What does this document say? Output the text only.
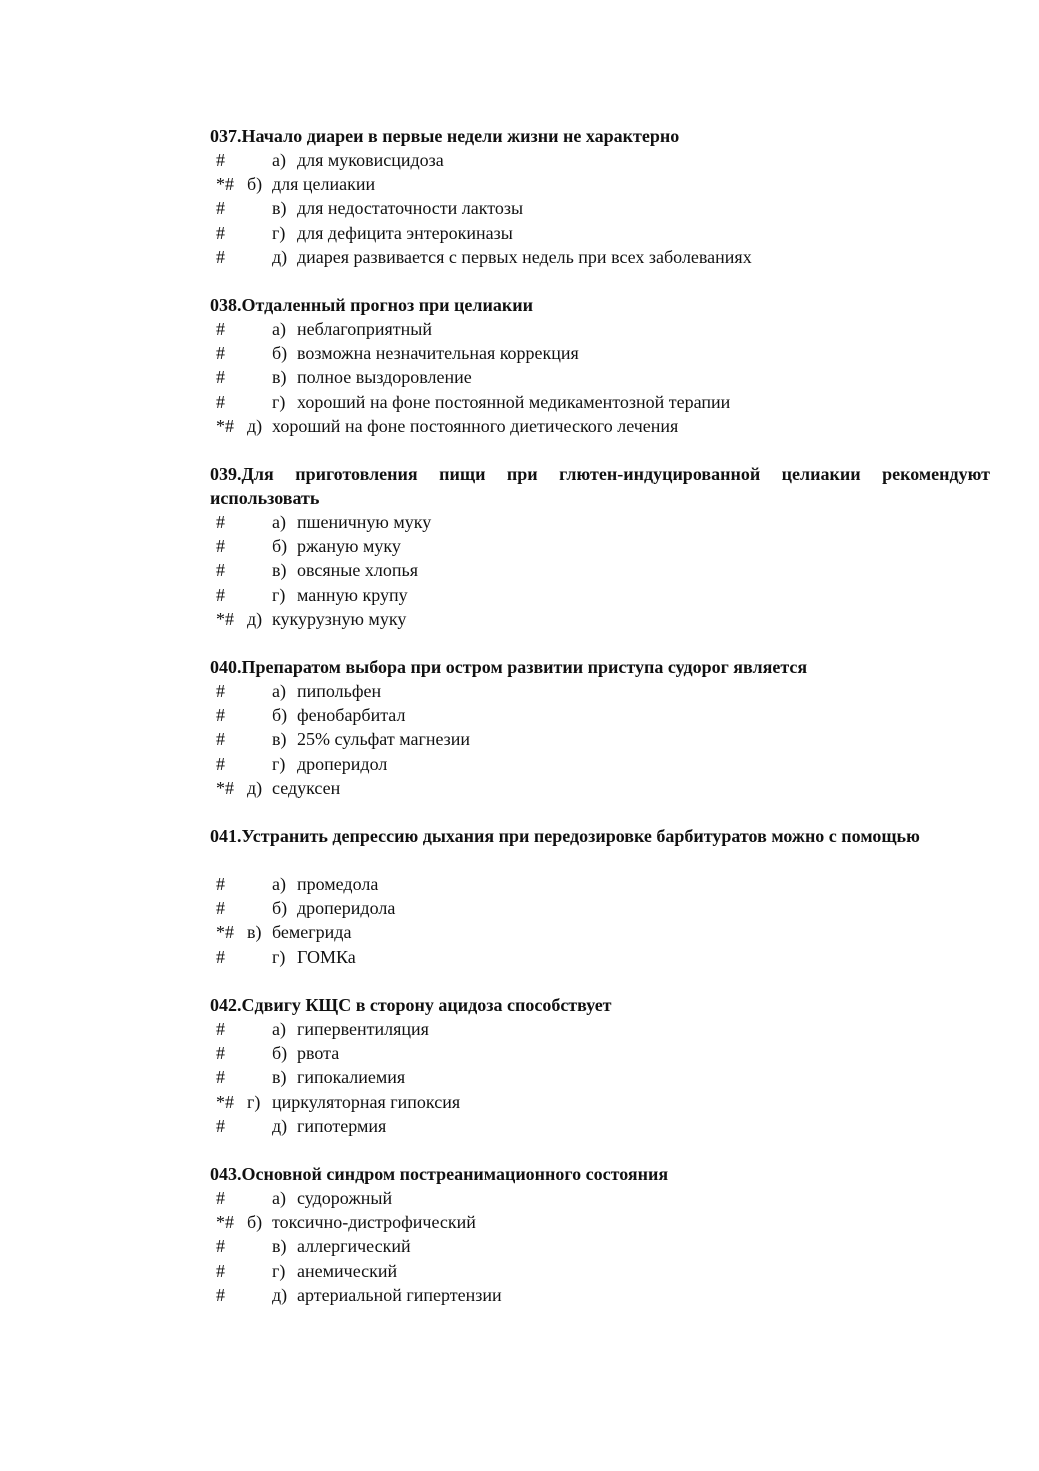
037.Начало диареи в первые недели жизни не характерно
#	а) для муковисцидоза
*# б) для целиакии
#	в) для недостаточности лактозы
#	г) для дефицита энтерокиназы
#	д) диарея развивается с первых недель при всех заболеваниях
038.Отдаленный прогноз при целиакии
#	а) неблагоприятный
#	б) возможна незначительная коррекция
#	в) полное выздоровление
#	г) хороший на фоне постоянной медикаментозной терапии
*# д) хороший на фоне постоянного диетического лечения
039.Для приготовления пищи при глютен-индуцированной целиакии рекомендуют использовать
#	а) пшеничную муку
#	б) ржаную муку
#	в) овсяные хлопья
#	г) манную крупу
*# д) кукурузную муку
040.Препаратом выбора при остром развитии приступа судорог является
#	а) пипольфен
#	б) фенобарбитал
#	в) 25% сульфат магнезии
#	г) дроперидол
*# д) седуксен
041.Устранить депрессию дыхания при передозировке барбитуратов можно с помощью
#	а) промедола
#	б) дроперидола
*# в) бемегрида
#	г) ГОМКа
042.Сдвигу КЩС в сторону ацидоза способствует
#	а) гипервентиляция
#	б) рвота
#	в) гипокалиемия
*# г) циркуляторная гипоксия
#	д) гипотермия
043.Основной синдром постреанимационного состояния
#	а) судорожный
*# б) токсично-дистрофический
#	в) аллергический
#	г) анемический
#	д) артериальной гипертензии
